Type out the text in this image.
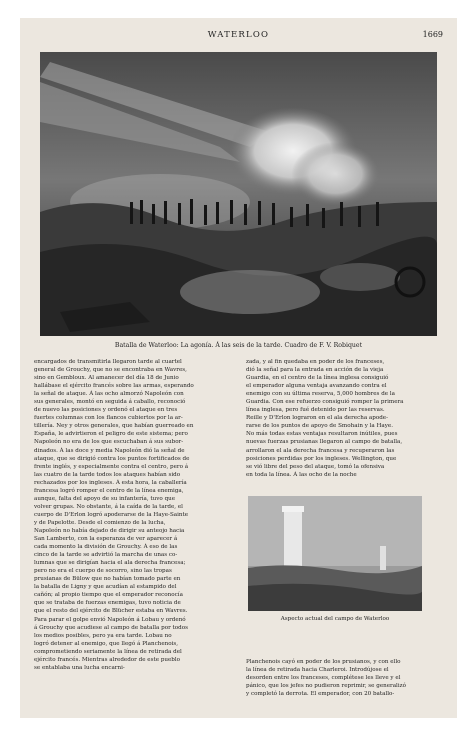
WATERLOO	1669
Batalla de Waterloo: La agonía. Á las seis de la tarde. Cuadro de F. V. Robiquet
encargados de transmitirla llegaron tarde al cuartel
general de Grouchy, que no se encontraba en Wavres,
sino en Gembloux. Al amanecer del día 18 de Junio
hallábase el ejército francés sobre las armas, esperando
la señal de ataque. Á las ocho almorzó Napoleón con
sus generales, montó en seguida á caballo, reconoció
de nuevo las posiciones y ordenó el ataque en tres
fuertes columnas con los flancos cubiertos por la ar-
tillería. Ney y otros generales, que habían guerreado en
España, le advirtieron el peligro de este sistema; pero
Napoleón no era de los que escuchaban á sus subor-
dinados. Á las doce y media Napoleón dió la señal de
ataque, que se dirigió contra los puntos fortificados de
frente inglés, y especialmente contra el centro, pero á
las cuatro de la tarde todos los ataques habían sido
rechazados por los ingleses. Á esta hora, la caballería
francesa logró romper el centro de la línea enemiga,
aunque, falta del apoyo de su infantería, tuvo que
volver grupas. No obstante, á la caída de la tarde, el
cuerpo de D'Erlon logró apoderarse de la Haye-Sainte
y de Papelotte. Desde el comienzo de la lucha,
Napoleón no había dejado de dirigir su anteojo hacia
San Lamberto, con la esperanza de ver aparecer á
cada momento la división de Grouchy. Á eso de las
cinco de la tarde se advirtió la marcha de unas co-
lumnas que se dirigían hacia el ala derecha francesa;
pero no era el cuerpo de socorro, sino las tropas
prusianas de Bülow que no habían tomado parte en
la batalla de Ligny y que acudían al estampido del
cañón; al propio tiempo que el emperador reconocía
que se trataba de fuerzas enemigas, tuvo noticia de
que el resto del ejército de Blücher estaba en Wavres.
Para parar el golpe envió Napoleón á Lobau y ordenó
á Grouchy que acudiese al campo de batalla por todos
los medios posibles, pero ya era tarde. Lobau no
logró detener al enemigo, que llegó á Planchenois,
comprometiendo seriamente la línea de retirada del
ejército francés. Mientras alrededor de este pueblo
se entablaba una lucha encarni-
zada, y al fin quedaba en poder de los franceses,
dió la señal para la entrada en acción de la vieja
Guardia, en el centro de la línea inglesa consiguió
el emperador alguna ventaja avanzando contra el
enemigo con su última reserva, 5,000 hombres de la
Guardia. Con ese refuerzo consiguió romper la primera
línea inglesa, pero fué detenido por las reservas.
Reille y D'Erlon lograron en el ala derecha apode-
rarse de los puntos de apoyo de Smohain y la Haye.
No más todas estas ventajas resultaron inútiles, pues
nuevas fuerzas prusianas llegaron al campo de batalla,
arrollaron el ala derecha francesa y recuperaron las
posiciones perdidas por los ingleses. Wellington, que
se vió libre del peso del ataque, tomó la ofensiva
en toda la línea. Á las ocho de la noche
Aspecto actual del campo de Waterloo
Planchenois cayó en poder de los prusianos, y con ello
la línea de retirada hacia Charleroi. Introdújose el
desorden entre los franceses, complétese les lleve y el
pánico, que los jefes no pudieron reprimir, se generalizó
y completó la derrota. El emperador, con 20 batallo-
